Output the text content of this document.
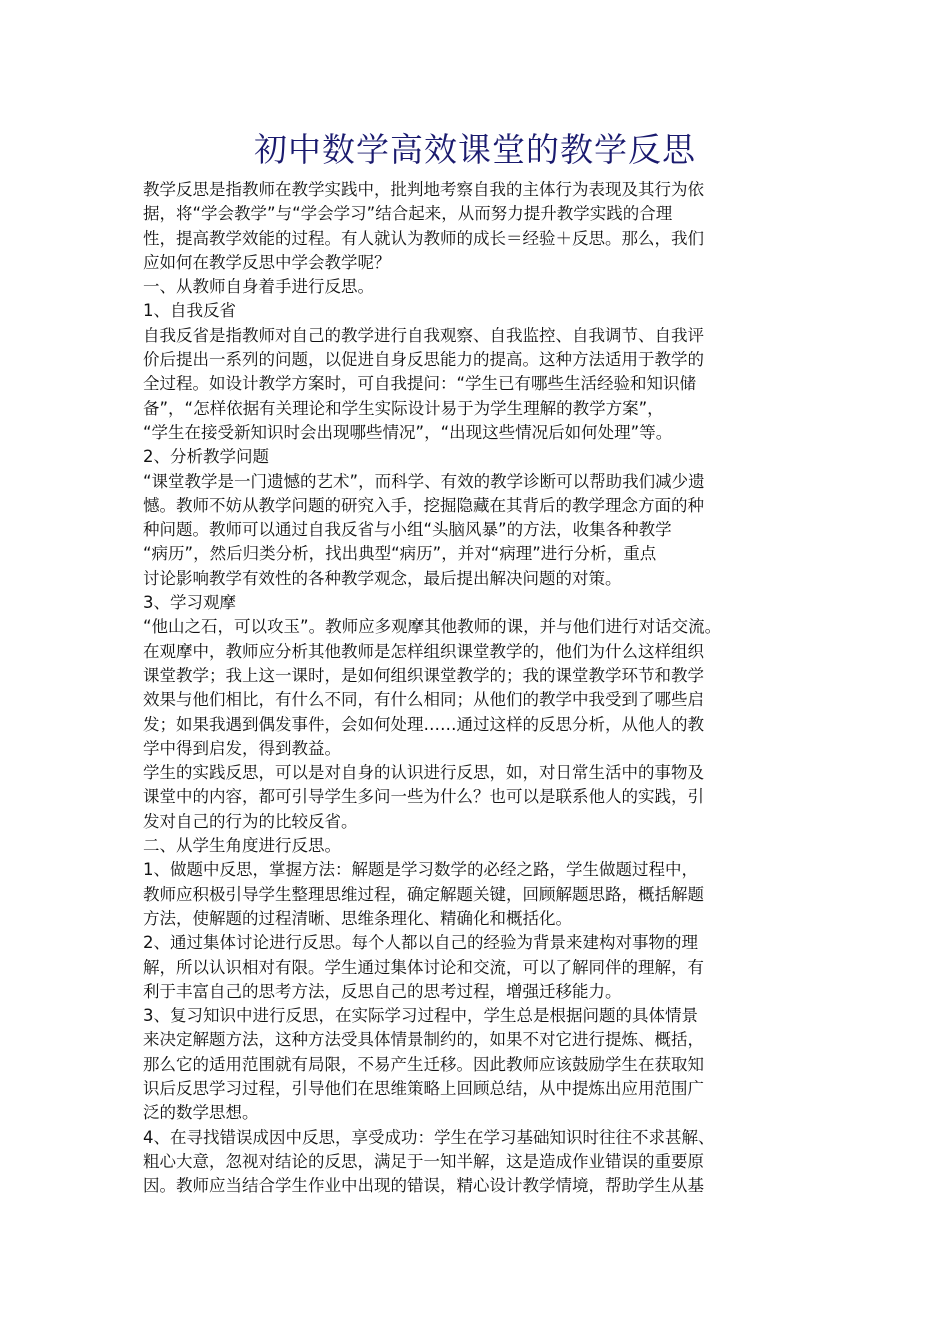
初中数学高效课堂的教学反思
教学反思是指教师在教学实践中，批判地考察自我的主体行为表现及其行为依
据，将“学会教学”与“学会学习”结合起来，从而努力提升教学实践的合理
性，提高教学效能的过程。有人就认为教师的成长＝经验＋反思。那么，我们
应如何在教学反思中学会教学呢？
一、从教师自身着手进行反思。
1、自我反省
自我反省是指教师对自己的教学进行自我观察、自我监控、自我调节、自我评
价后提出一系列的问题，以促进自身反思能力的提高。这种方法适用于教学的
全过程。如设计教学方案时，可自我提问：“学生已有哪些生活经验和知识储
备”，“怎样依据有关理论和学生实际设计易于为学生理解的教学方案”，
“学生在接受新知识时会出现哪些情况”，“出现这些情况后如何处理”等。
2、分析教学问题
“课堂教学是一门遗憾的艺术”，而科学、有效的教学诊断可以帮助我们减少遗
憾。教师不妨从教学问题的研究入手，挖掘隐藏在其背后的教学理念方面的种
种问题。教师可以通过自我反省与小组“头脑风暴”的方法，收集各种教学
“病历”，然后归类分析，找出典型“病历”，并对“病理”进行分析，重点
讨论影响教学有效性的各种教学观念，最后提出解决问题的对策。
3、学习观摩
“他山之石，可以攻玉”。教师应多观摩其他教师的课，并与他们进行对话交流。
在观摩中，教师应分析其他教师是怎样组织课堂教学的，他们为什么这样组织
课堂教学；我上这一课时，是如何组织课堂教学的；我的课堂教学环节和教学
效果与他们相比，有什么不同，有什么相同；从他们的教学中我受到了哪些启
发；如果我遇到偶发事件，会如何处理……通过这样的反思分析，从他人的教
学中得到启发，得到教益。
学生的实践反思，可以是对自身的认识进行反思，如，对日常生活中的事物及
课堂中的内容，都可引导学生多问一些为什么？也可以是联系他人的实践，引
发对自己的行为的比较反省。
二、从学生角度进行反思。
1、做题中反思，掌握方法：解题是学习数学的必经之路，学生做题过程中，
教师应积极引导学生整理思维过程，确定解题关键，回顾解题思路，概括解题
方法，使解题的过程清晰、思维条理化、精确化和概括化。
2、通过集体讨论进行反思。每个人都以自己的经验为背景来建构对事物的理
解，所以认识相对有限。学生通过集体讨论和交流，可以了解同伴的理解，有
利于丰富自己的思考方法，反思自己的思考过程，增强迁移能力。
3、复习知识中进行反思，在实际学习过程中，学生总是根据问题的具体情景
来决定解题方法，这种方法受具体情景制约的，如果不对它进行提炼、概括，
那么它的适用范围就有局限，不易产生迁移。因此教师应该鼓励学生在获取知
识后反思学习过程，引导他们在思维策略上回顾总结，从中提炼出应用范围广
泛的数学思想。
4、在寻找错误成因中反思，享受成功：学生在学习基础知识时往往不求甚解、
粗心大意，忽视对结论的反思，满足于一知半解，这是造成作业错误的重要原
因。教师应当结合学生作业中出现的错误，精心设计教学情境，帮助学生从基
